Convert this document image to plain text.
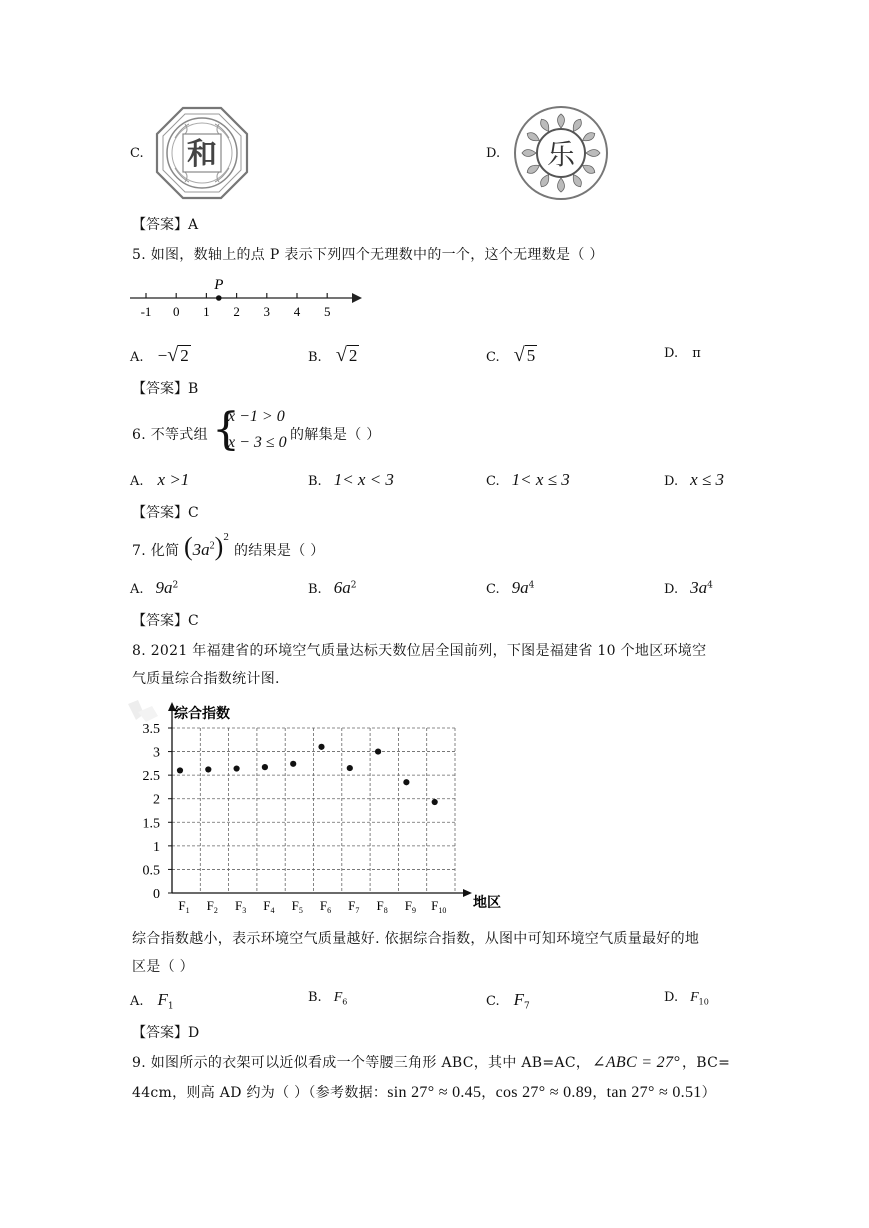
C. 和	D. 乐
【答案】A
5. 如图，数轴上的点 P 表示下列四个无理数中的一个，这个无理数是（ ）
-1 0 1 2 3 4 5
P
A. −√ 2	B. √ 2	C. √ 5	D. π
【答案】B
6. 不等式组 {
x −1 > 0
x − 3 ≤ 0 的解集是（ ）
A. x >1	B. 1< x < 3	C. 1< x ≤ 3	D. x ≤ 3
【答案】C
7. 化简 $(3a^2)^2$
的结果是（ ）
A. $9a^2$	B. $6a^2$	C. $9a^4$	D. $3a^4$
【答案】C
8. 2021 年福建省的环境空气质量达标天数位居全国前列，下图是福建省 10 个地区环境空
气质量综合指数统计图.
综合指数
地区
0
0.5
1
1.5
2
2.5
3
3.5
$F_1$ $F_2$ $F_3$ $F_4$ $F_5$ $F_6$ $F_7$ $F_8$ $F_9$ $F_{10}$
综合指数越小，表示环境空气质量越好. 依据综合指数，从图中可知环境空气质量最好的地
区是（ ）
A. $F_1$
B. $F_6$	C. $F_7$
D. $F_{10}$
【答案】D
9. 如图所示的衣架可以近似看成一个等腰三角形 ABC，其中 AB=AC， ∠ABC = 27° ，BC=
44cm，则高 AD 约为（ ）（参考数据：sin 27° ≈ 0.45，cos 27° ≈ 0.89，tan 27° ≈ 0.51）
